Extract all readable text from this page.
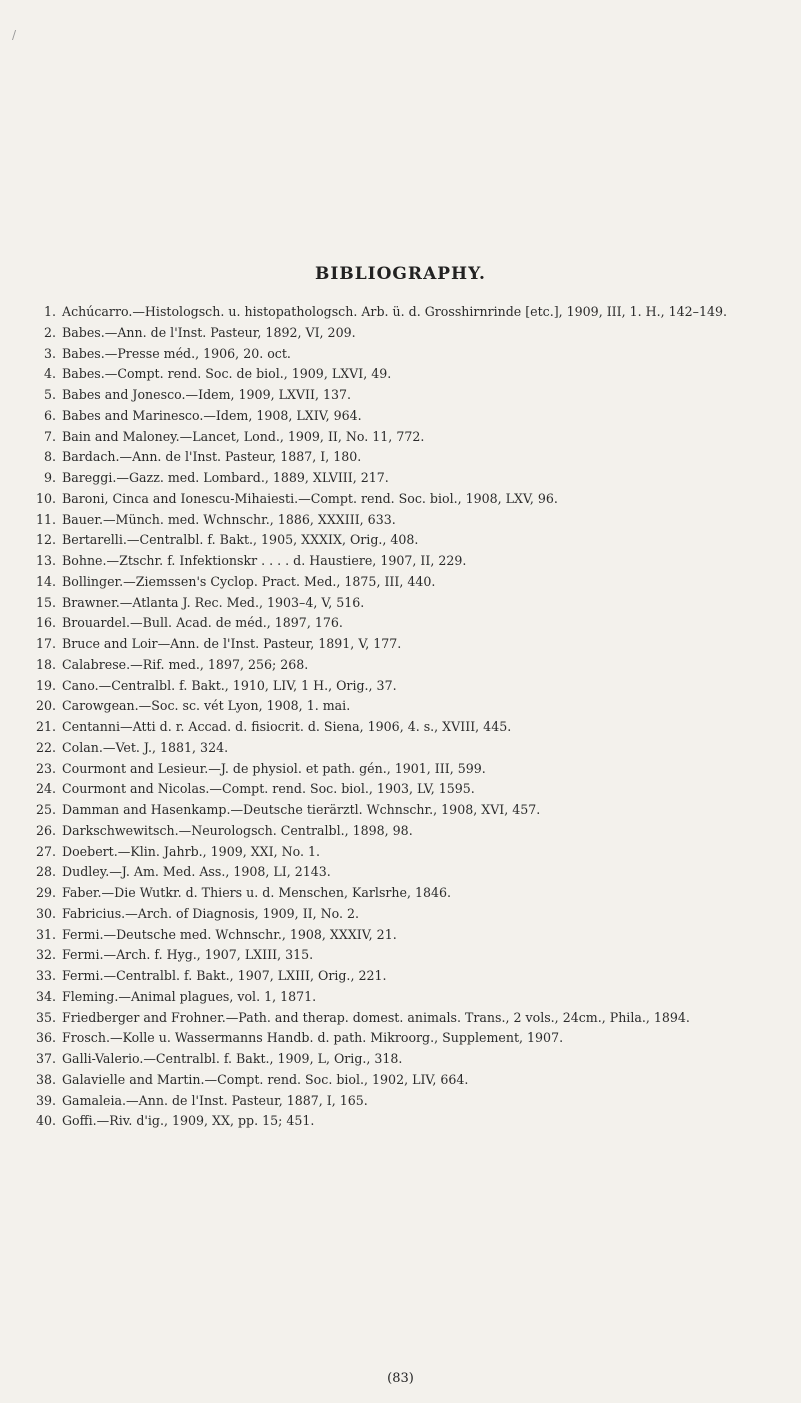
/
BIBLIOGRAPHY.
1. Achúcarro.—Histologsch. u. histopathologsch. Arb. ü. d. Grosshirnrinde [etc.], 1909, III, 1. H., 142–149.
2. Babes.—Ann. de l'Inst. Pasteur, 1892, VI, 209.
3. Babes.—Presse méd., 1906, 20. oct.
4. Babes.—Compt. rend. Soc. de biol., 1909, LXVI, 49.
5. Babes and Jonesco.—Idem, 1909, LXVII, 137.
6. Babes and Marinesco.—Idem, 1908, LXIV, 964.
7. Bain and Maloney.—Lancet, Lond., 1909, II, No. 11, 772.
8. Bardach.—Ann. de l'Inst. Pasteur, 1887, I, 180.
9. Bareggi.—Gazz. med. Lombard., 1889, XLVIII, 217.
10. Baroni, Cinca and Ionescu-Mihaiesti.—Compt. rend. Soc. biol., 1908, LXV, 96.
11. Bauer.—Münch. med. Wchnschr., 1886, XXXIII, 633.
12. Bertarelli.—Centralbl. f. Bakt., 1905, XXXIX, Orig., 408.
13. Bohne.—Ztschr. f. Infektionskr . . . . d. Haustiere, 1907, II, 229.
14. Bollinger.—Ziemssen's Cyclop. Pract. Med., 1875, III, 440.
15. Brawner.—Atlanta J. Rec. Med., 1903–4, V, 516.
16. Brouardel.—Bull. Acad. de méd., 1897, 176.
17. Bruce and Loir—Ann. de l'Inst. Pasteur, 1891, V, 177.
18. Calabrese.—Rif. med., 1897, 256; 268.
19. Cano.—Centralbl. f. Bakt., 1910, LIV, 1 H., Orig., 37.
20. Carowgean.—Soc. sc. vét Lyon, 1908, 1. mai.
21. Centanni—Atti d. r. Accad. d. fisiocrit. d. Siena, 1906, 4. s., XVIII, 445.
22. Colan.—Vet. J., 1881, 324.
23. Courmont and Lesieur.—J. de physiol. et path. gén., 1901, III, 599.
24. Courmont and Nicolas.—Compt. rend. Soc. biol., 1903, LV, 1595.
25. Damman and Hasenkamp.—Deutsche tierärztl. Wchnschr., 1908, XVI, 457.
26. Darkschwewitsch.—Neurologsch. Centralbl., 1898, 98.
27. Doebert.—Klin. Jahrb., 1909, XXI, No. 1.
28. Dudley.—J. Am. Med. Ass., 1908, LI, 2143.
29. Faber.—Die Wutkr. d. Thiers u. d. Menschen, Karlsrhe, 1846.
30. Fabricius.—Arch. of Diagnosis, 1909, II, No. 2.
31. Fermi.—Deutsche med. Wchnschr., 1908, XXXIV, 21.
32. Fermi.—Arch. f. Hyg., 1907, LXIII, 315.
33. Fermi.—Centralbl. f. Bakt., 1907, LXIII, Orig., 221.
34. Fleming.—Animal plagues, vol. 1, 1871.
35. Friedberger and Frohner.—Path. and therap. domest. animals. Trans., 2 vols., 24cm., Phila., 1894.
36. Frosch.—Kolle u. Wassermanns Handb. d. path. Mikroorg., Supplement, 1907.
37. Galli-Valerio.—Centralbl. f. Bakt., 1909, L, Orig., 318.
38. Galavielle and Martin.—Compt. rend. Soc. biol., 1902, LIV, 664.
39. Gamaleia.—Ann. de l'Inst. Pasteur, 1887, I, 165.
40. Goffi.—Riv. d'ig., 1909, XX, pp. 15; 451.
(83)
